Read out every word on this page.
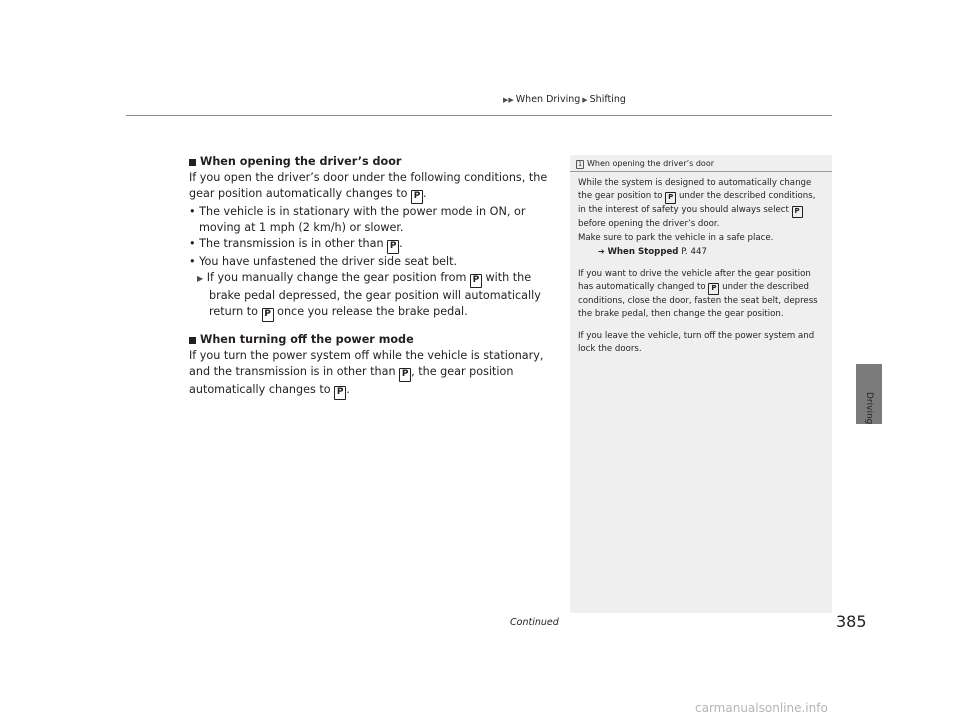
▶▶ When Driving ▶ Shifting

When opening the driver’s door

If you open the driver’s door under the following conditions, the gear position automatically changes to P .

• The vehicle is in stationary with the power mode in ON, or moving at 1 mph (2 km/h) or slower.

• The transmission is in other than P .

• You have unfastened the driver side seat belt.

▶ If you manually change the gear position from P with the brake pedal depressed, the gear position will automatically return to P once you release the brake pedal.

When turning off the power mode

If you turn the power system off while the vehicle is stationary, and the transmission is in other than P , the gear position automatically changes to P .

1 When opening the driver’s door

While the system is designed to automatically change the gear position to P under the described conditions, in the interest of safety you should always select P before opening the driver’s door.

Make sure to park the vehicle in a safe place.

➔ When Stopped P. 447

If you want to drive the vehicle after the gear position has automatically changed to P under the described conditions, close the door, fasten the seat belt, depress the brake pedal, then change the gear position.

If you leave the vehicle, turn off the power system and lock the doors.

Driving
Continued	385
carmanualsonline.info
